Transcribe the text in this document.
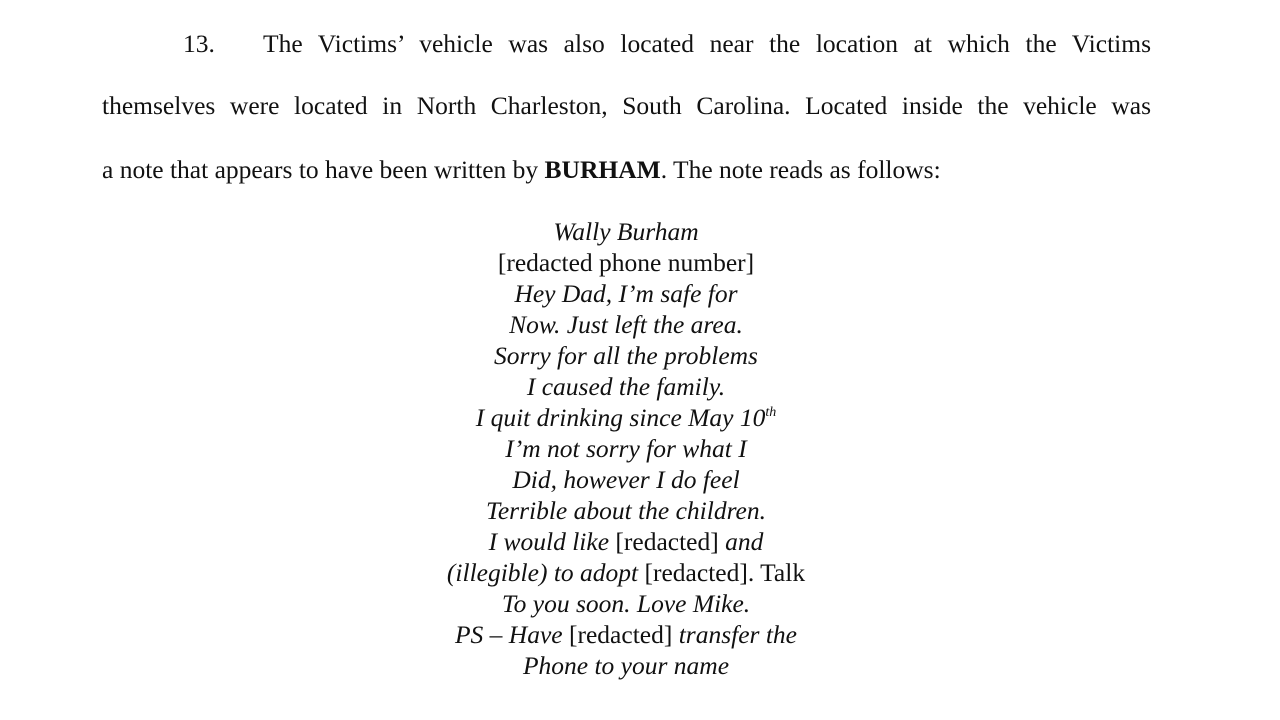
13. The Victims’ vehicle was also located near the location at which the Victims
themselves were located in North Charleston, South Carolina. Located inside the vehicle was
a note that appears to have been written by BURHAM. The note reads as follows:
Wally Burham
[redacted phone number]
Hey Dad, I’m safe for
Now. Just left the area.
Sorry for all the problems
I caused the family.
I quit drinking since May 10th
I’m not sorry for what I
Did, however I do feel
Terrible about the children.
I would like [redacted] and
(illegible) to adopt [redacted]. Talk
To you soon. Love Mike.
PS – Have [redacted] transfer the
Phone to your name
